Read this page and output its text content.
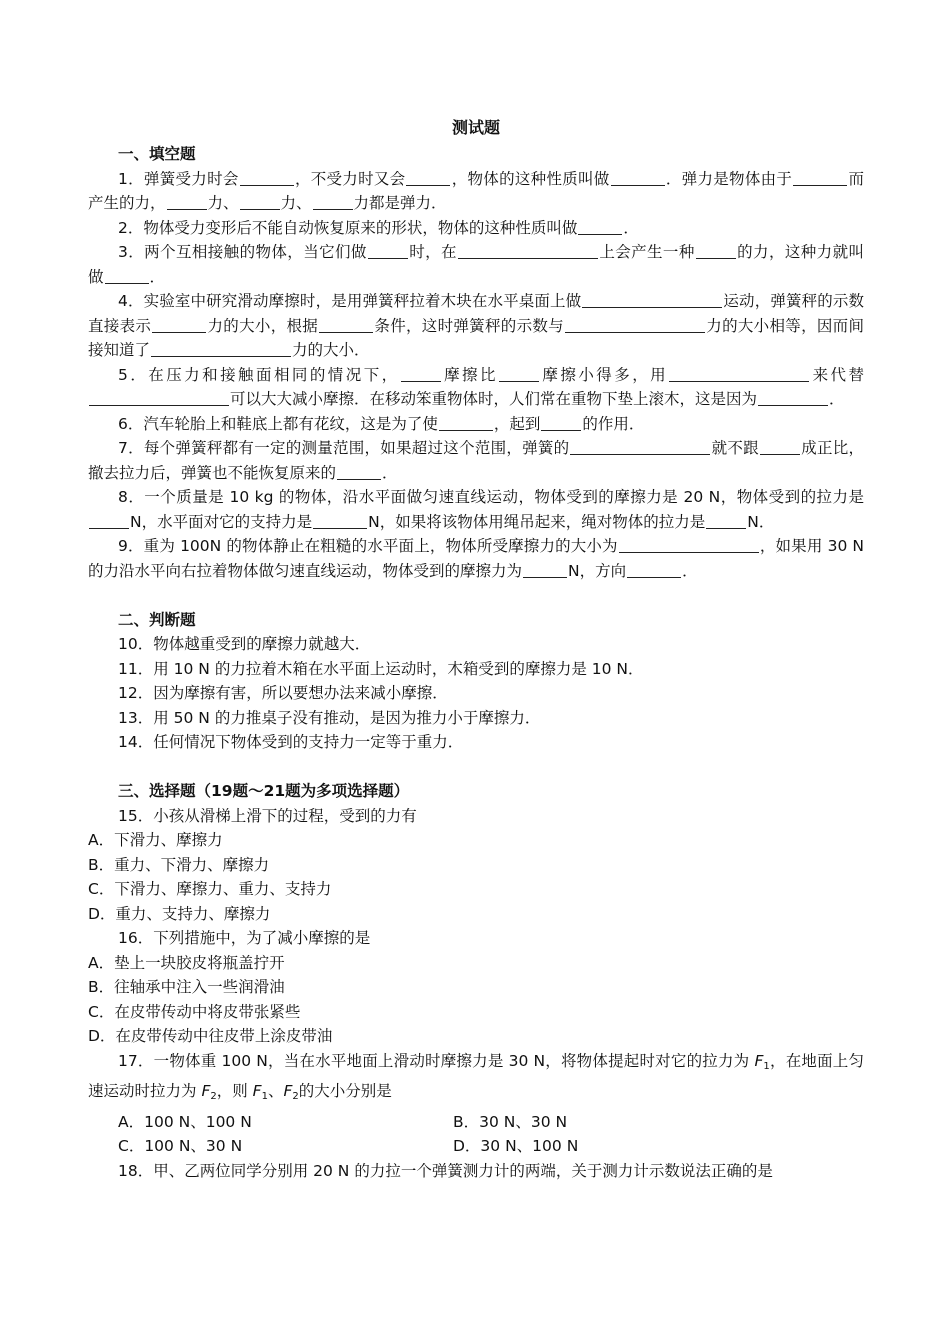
测试题
一、填空题
1．弹簧受力时会	，不受力时又会	，物体的这种性质叫做	．弹力是物体由于	而产生的力，	力、	力、	力都是弹力．
2．物体受力变形后不能自动恢复原来的形状，物体的这种性质叫做	．
3．两个互相接触的物体，当它们做	时，在	上会产生一种	的力，这种力就叫做	．
4．实验室中研究滑动摩擦时，是用弹簧秤拉着木块在水平桌面上做	运动，弹簧秤的示数直接表示	力的大小，根据	条件，这时弹簧秤的示数与	力的大小相等，因而间接知道了	力的大小．
5．在压力和接触面相同的情况下，	摩擦比	摩擦小得多，用	来代替可以大大减小摩擦．在移动笨重物体时，人们常在重物下垫上滚木，这是因为	．
6．汽车轮胎上和鞋底上都有花纹，这是为了使	，起到	的作用．
7．每个弹簧秤都有一定的测量范围，如果超过这个范围，弹簧的	就不跟	成正比，撤去拉力后，弹簧也不能恢复原来的	．
8．一个质量是 10 kg 的物体，沿水平面做匀速直线运动，物体受到的摩擦力是 20 N，物体受到的拉力是N，水平面对它的支持力是	N，如果将该物体用绳吊起来，绳对物体的拉力是	N．
9．重为 100N 的物体静止在粗糙的水平面上，物体所受摩擦力的大小为	，如果用 30 N 的力沿水平向右拉着物体做匀速直线运动，物体受到的摩擦力为	N，方向	．
二、判断题
10．物体越重受到的摩擦力就越大．
11．用 10 N 的力拉着木箱在水平面上运动时，木箱受到的摩擦力是 10 N．
12．因为摩擦有害，所以要想办法来减小摩擦．
13．用 50 N 的力推桌子没有推动，是因为推力小于摩擦力．
14．任何情况下物体受到的支持力一定等于重力．
三、选择题（19题～21题为多项选择题）
15．小孩从滑梯上滑下的过程，受到的力有
A．下滑力、摩擦力
B．重力、下滑力、摩擦力
C．下滑力、摩擦力、重力、支持力
D．重力、支持力、摩擦力
16．下列措施中，为了减小摩擦的是
A．垫上一块胶皮将瓶盖拧开
B．往轴承中注入一些润滑油
C．在皮带传动中将皮带张紧些
D．在皮带传动中往皮带上涂皮带油
17．一物体重 100 N，当在水平地面上滑动时摩擦力是 30 N，将物体提起时对它的拉力为 $F_1$，在地面上匀速运动时拉力为 $F_2$，则 $F_1$、$F_2$的大小分别是
A．100 N、100 N	B．30 N、30 N
C．100 N、30 N	D．30 N、100 N
18．甲、乙两位同学分别用 20 N 的力拉一个弹簧测力计的两端，关于测力计示数说法正确的是
